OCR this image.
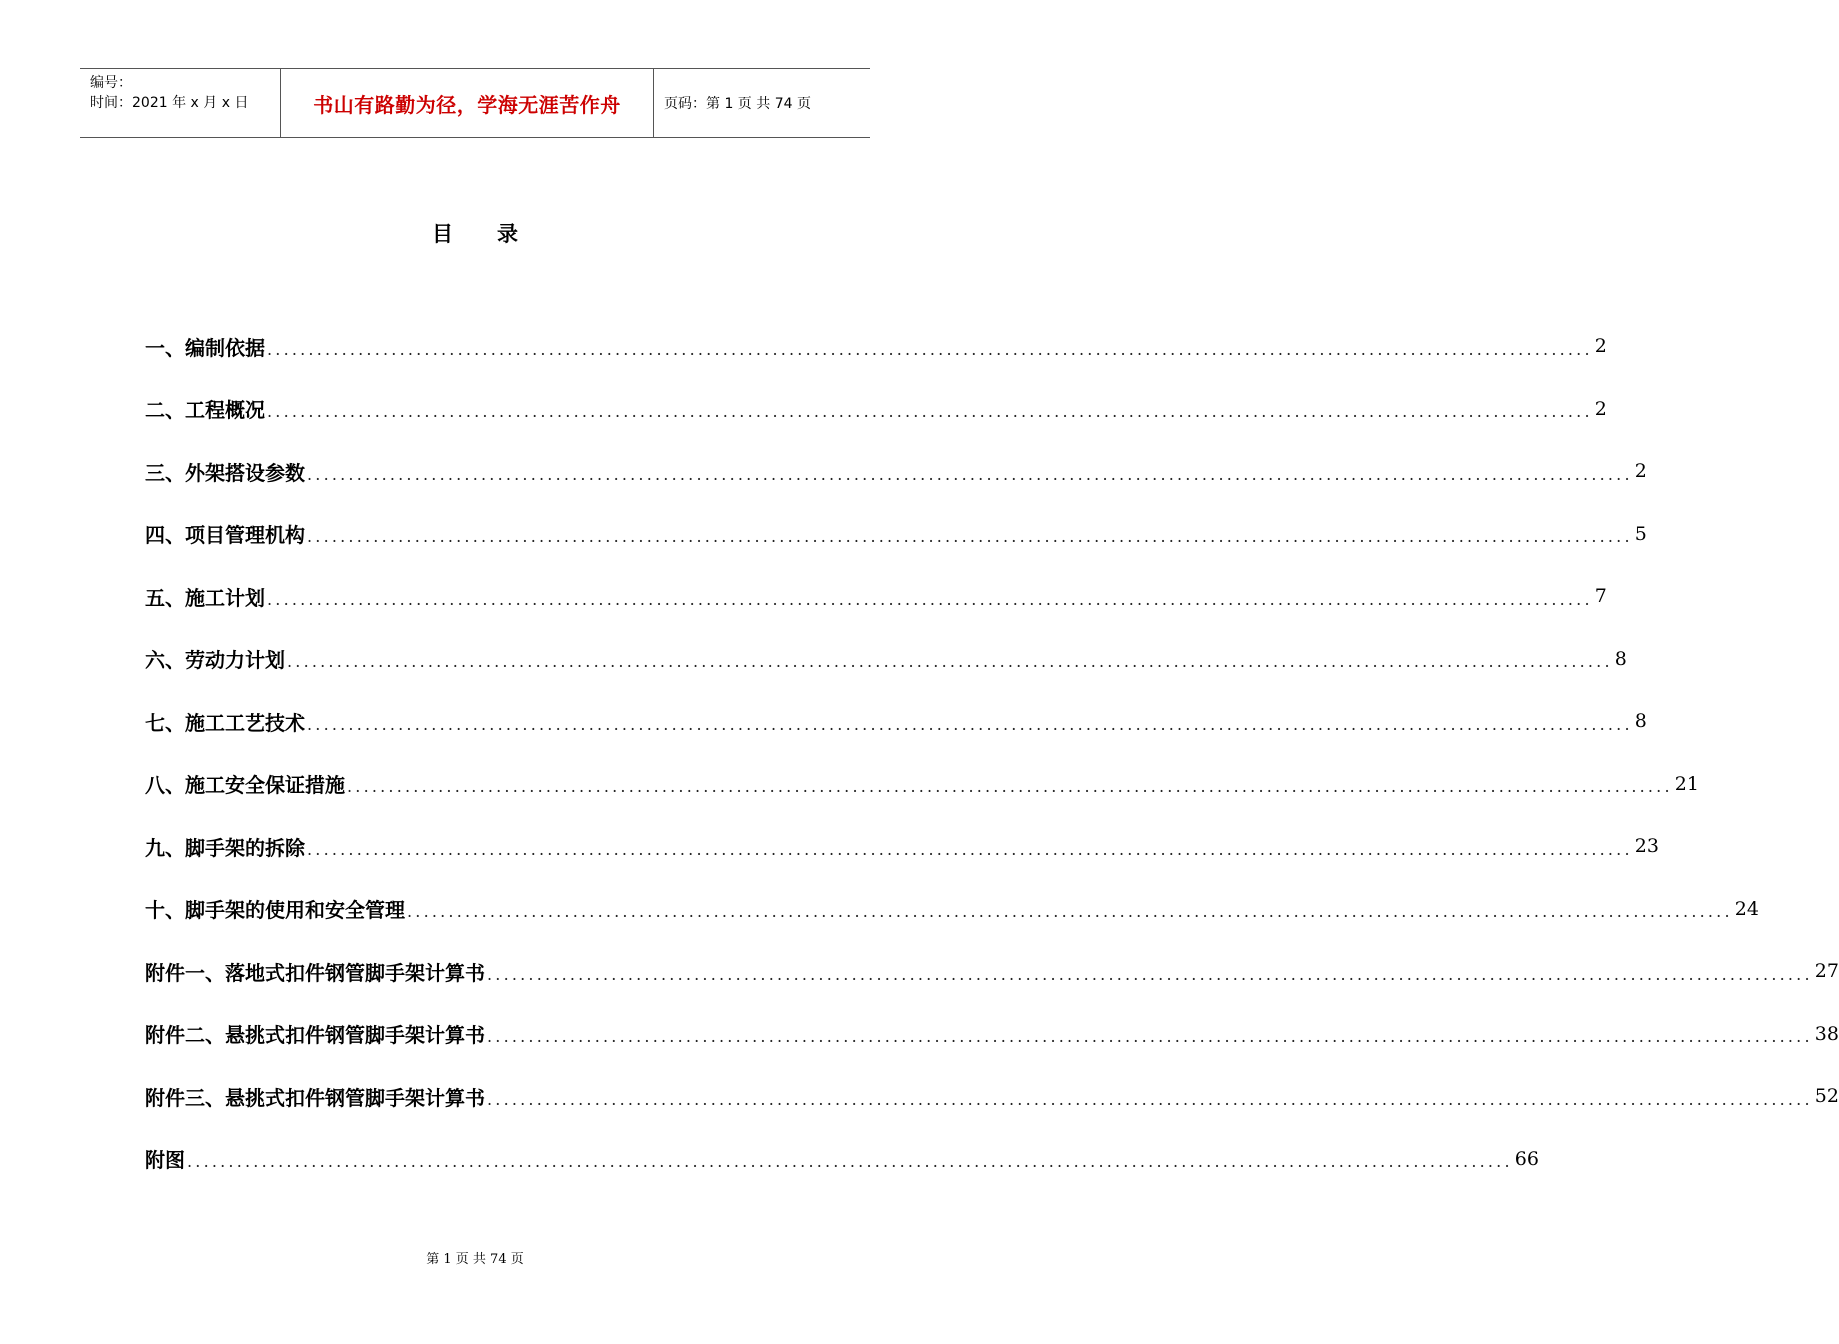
编号：
时间：2021 年 x 月 x 日	书山有路勤为径，学海无涯苦作舟	页码：第 1 页 共 74 页
目 录
一、编制依据 ................................................................................................................................................................ 2
二、工程概况 ................................................................................................................................................................ 2
三、外架搭设参数 ................................................................................................................................................................ 2
四、项目管理机构 ................................................................................................................................................................ 5
五、施工计划 ................................................................................................................................................................ 7
六、劳动力计划 ................................................................................................................................................................ 8
七、施工工艺技术 ................................................................................................................................................................ 8
八、施工安全保证措施 ................................................................................................................................................................ 21
九、脚手架的拆除 ................................................................................................................................................................ 23
十、脚手架的使用和安全管理 ................................................................................................................................................................ 24
附件一、落地式扣件钢管脚手架计算书 ................................................................................................................................................................ 27
附件二、悬挑式扣件钢管脚手架计算书 ................................................................................................................................................................ 38
附件三、悬挑式扣件钢管脚手架计算书 ................................................................................................................................................................ 52
附图 ................................................................................................................................................................ 66
第 1 页 共 74 页
